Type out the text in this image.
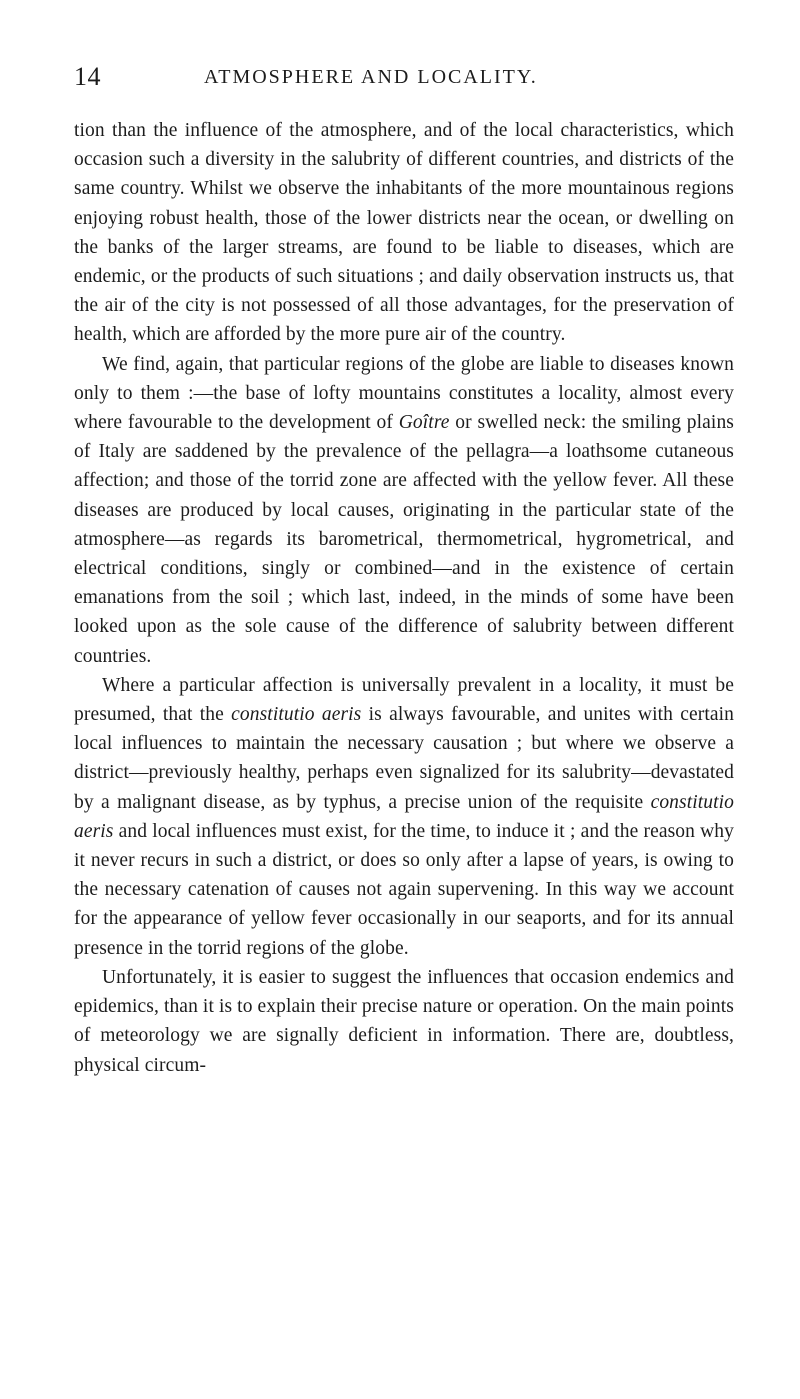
14	ATMOSPHERE AND LOCALITY.

tion than the influence of the atmosphere, and of the local characteristics, which occasion such a diversity in the salubrity of different countries, and districts of the same country. Whilst we observe the inhabitants of the more mountainous regions enjoying robust health, those of the lower districts near the ocean, or dwelling on the banks of the larger streams, are found to be liable to diseases, which are endemic, or the products of such situations ; and daily observation instructs us, that the air of the city is not possessed of all those advantages, for the preservation of health, which are afforded by the more pure air of the country.

We find, again, that particular regions of the globe are liable to diseases known only to them :—the base of lofty mountains constitutes a locality, almost every where favourable to the development of Goître or swelled neck: the smiling plains of Italy are saddened by the prevalence of the pellagra—a loathsome cutaneous affection; and those of the torrid zone are affected with the yellow fever. All these diseases are produced by local causes, originating in the particular state of the atmosphere—as regards its barometrical, thermometrical, hygrometrical, and electrical conditions, singly or combined—and in the existence of certain emanations from the soil ; which last, indeed, in the minds of some have been looked upon as the sole cause of the difference of salubrity between different countries.

Where a particular affection is universally prevalent in a locality, it must be presumed, that the constitutio aeris is always favourable, and unites with certain local influences to maintain the necessary causation ; but where we observe a district—previously healthy, perhaps even signalized for its salubrity—devastated by a malignant disease, as by typhus, a precise union of the requisite constitutio aeris and local influences must exist, for the time, to induce it ; and the reason why it never recurs in such a district, or does so only after a lapse of years, is owing to the necessary catenation of causes not again supervening. In this way we account for the appearance of yellow fever occasionally in our seaports, and for its annual presence in the torrid regions of the globe.

Unfortunately, it is easier to suggest the influences that occasion endemics and epidemics, than it is to explain their precise nature or operation. On the main points of meteorology we are signally deficient in information. There are, doubtless, physical circum-
